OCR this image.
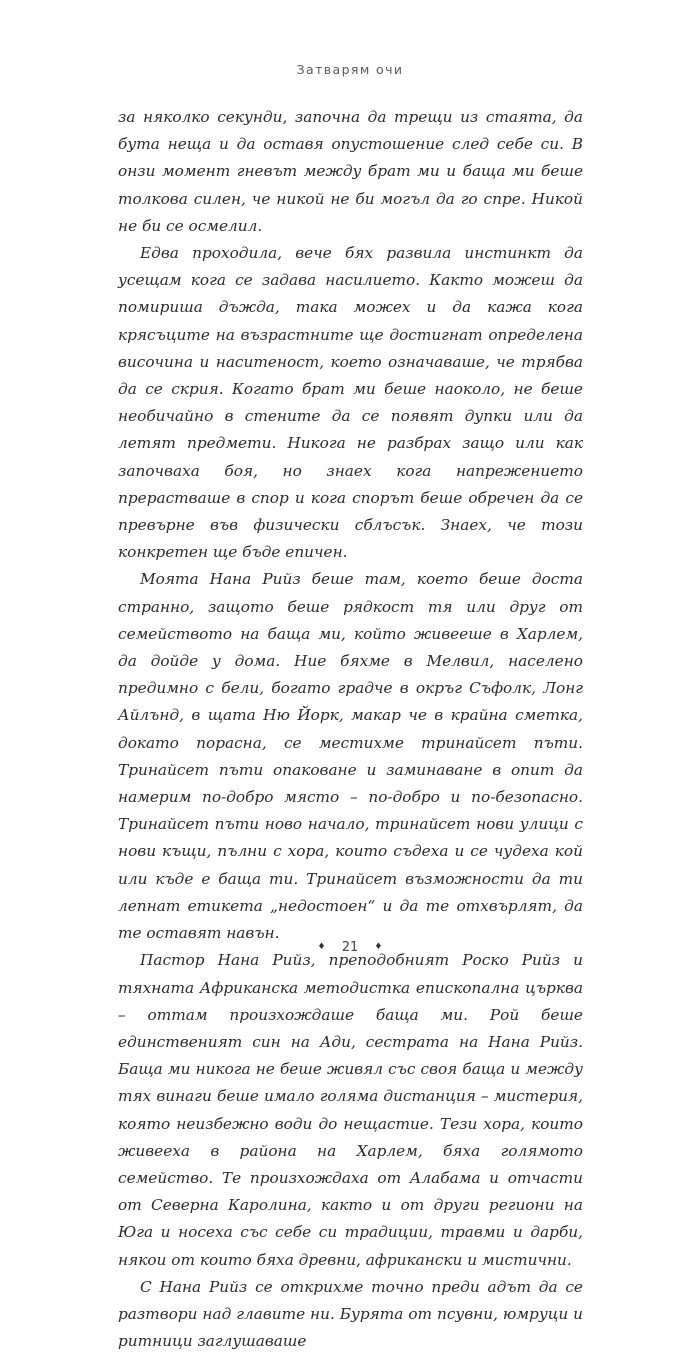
Затварям очи

за няколко секунди, започна да трещи из стаята, да бута неща и да оставя опустошение след себе си. В онзи момент гневът между брат ми и баща ми беше толкова силен, че никой не би могъл да го спре. Никой не би се осмелил.

Едва проходила, вече бях развила инстинкт да усещам кога се задава насилието. Както можеш да помиришa дъжда, така можех и да кажа кога крясъците на възрастните ще достигнат определена височина и наситеност, което означаваше, че трябва да се скрия. Когато брат ми беше наоколо, не беше необичайно в стените да се появят дупки или да летят предмети. Никога не разбрах защо или как започваха боя, но знаех кога напрежението прерастваше в спор и кога спорът беше обречен да се превърне във физически сблъсък. Знаех, че този конкретен ще бъде епичен.

Моята Нана Рийз беше там, което беше доста странно, защото беше рядкост тя или друг от семейството на баща ми, който живееше в Харлем, да дойде у дома. Ние бяхме в Мелвил, населено предимно с бели, богато градче в окръг Съфолк, Лонг Айлънд, в щата Ню Йорк, макар че в крайна сметка, докато порасна, се местихме тринайсет пъти. Тринайсет пъти опаковане и заминаване в опит да намерим по-добро място – по-добро и по-безопасно. Тринайсет пъти ново начало, тринайсет нови улици с нови къщи, пълни с хора, които съдеха и се чудеха кой или къде е баща ти. Тринайсет възможности да ти лепнат етикета „недостоен“ и да те отхвърлят, да те оставят навън.

Пастор Нана Рийз, преподобният Роско Рийз и тяхната Африканска методистка епископална църква – оттам произхождаше баща ми. Рой беше единственият син на Ади, сестрата на Нана Рийз. Баща ми никога не беше живял със своя баща и между тях винаги беше имало голяма дистанция – мистерия, която неизбежно води до нещастие. Тези хора, които живееха в района на Харлем, бяха голямото семейство. Те произхождаха от Алабама и отчасти от Северна Каролина, както и от други региони на Юга и носеха със себе си традиции, травми и дарби, някои от които бяха древни, африкански и мистични.

С Нана Рийз се открихме точно преди адът да се разтвори над главите ни. Бурята от псувни, юмруци и ритници заглушаваше

♦ 21 ♦
